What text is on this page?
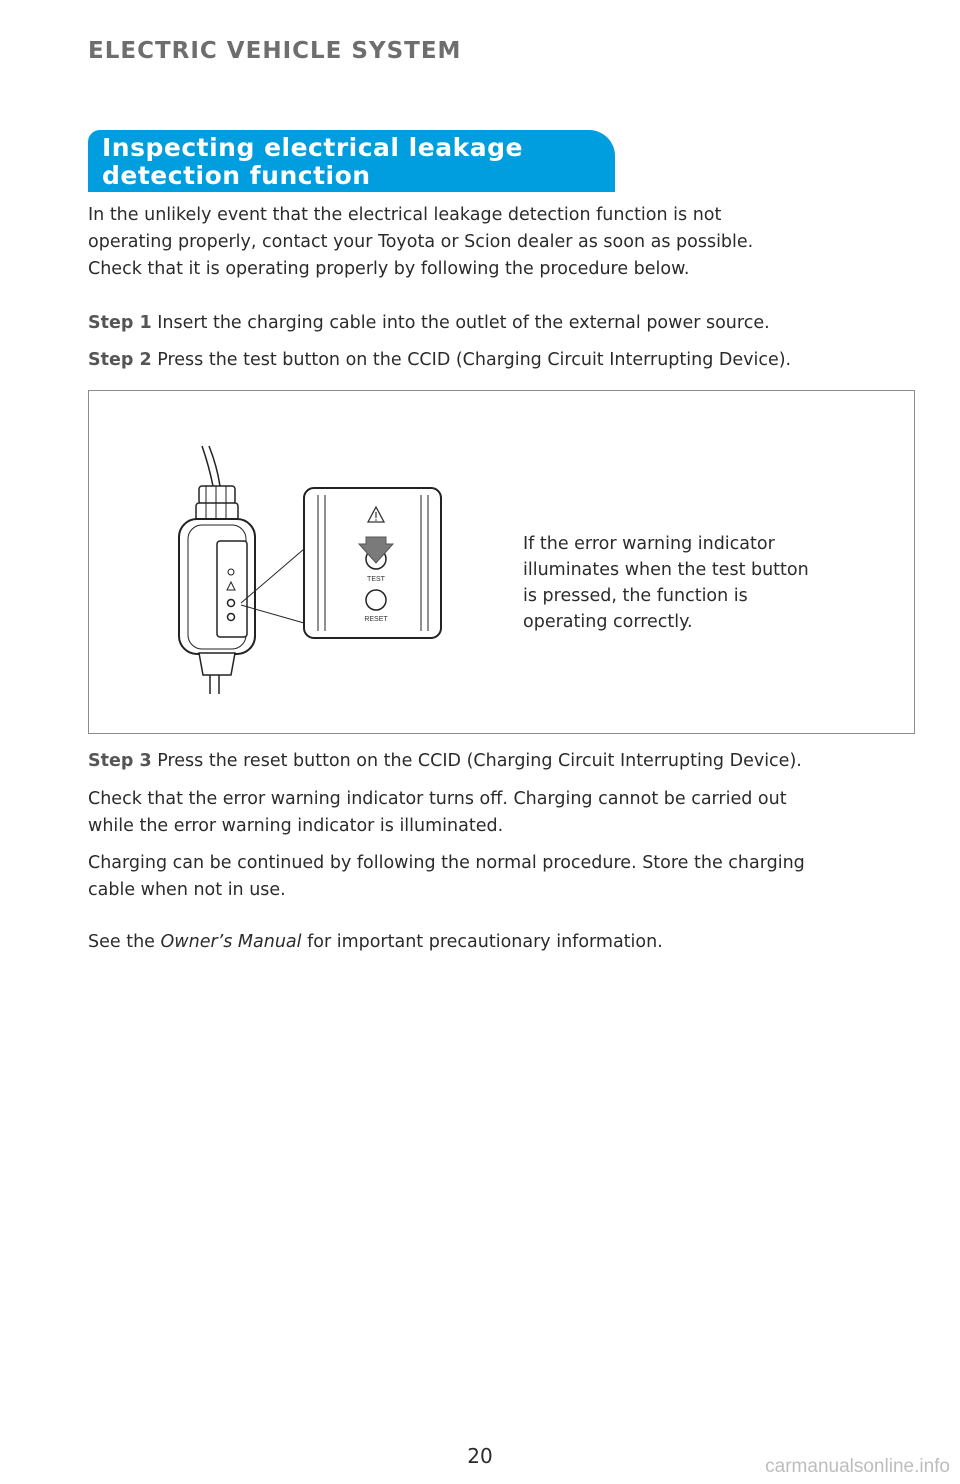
ELECTRIC VEHICLE SYSTEM
Inspecting electrical leakage
detection function

In the unlikely event that the electrical leakage detection function is not
operating properly, contact your Toyota or Scion dealer as soon as possible.
Check that it is operating properly by following the procedure below.

Step 1 Insert the charging cable into the outlet of the external power source.

Step 2 Press the test button on the CCID (Charging Circuit Interrupting Device).

TEST
RESET

If the error warning indicator
illuminates when the test button
is pressed, the function is
operating correctly.

Step 3 Press the reset button on the CCID (Charging Circuit Interrupting Device).

Check that the error warning indicator turns off. Charging cannot be carried out
while the error warning indicator is illuminated.

Charging can be continued by following the normal procedure. Store the charging
cable when not in use.

See the Owner’s Manual for important precautionary information.

20	carmanualsonline.info
